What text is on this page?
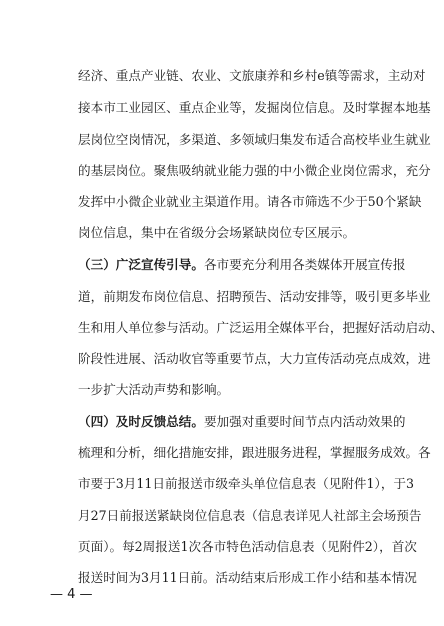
经济、重点产业链、农业、文旅康养和乡村e镇等需求，主动对
接本市工业园区、重点企业等，发掘岗位信息。及时掌握本地基
层岗位空岗情况，多渠道、多领域归集发布适合高校毕业生就业
的基层岗位。聚焦吸纳就业能力强的中小微企业岗位需求，充分
发挥中小微企业就业主渠道作用。请各市筛选不少于50个紧缺
岗位信息，集中在省级分会场紧缺岗位专区展示。
（三）广泛宣传引导。各市要充分利用各类媒体开展宣传报
道，前期发布岗位信息、招聘预告、活动安排等，吸引更多毕业
生和用人单位参与活动。广泛运用全媒体平台，把握好活动启动、
阶段性进展、活动收官等重要节点，大力宣传活动亮点成效，进
一步扩大活动声势和影响。
（四）及时反馈总结。要加强对重要时间节点内活动效果的
梳理和分析，细化措施安排，跟进服务进程，掌握服务成效。各
市要于3月11日前报送市级牵头单位信息表（见附件1），于3
月27日前报送紧缺岗位信息表（信息表详见人社部主会场预告
页面）。每2周报送1次各市特色活动信息表（见附件2），首次
报送时间为3月11日前。活动结束后形成工作小结和基本情况
— 4 —
